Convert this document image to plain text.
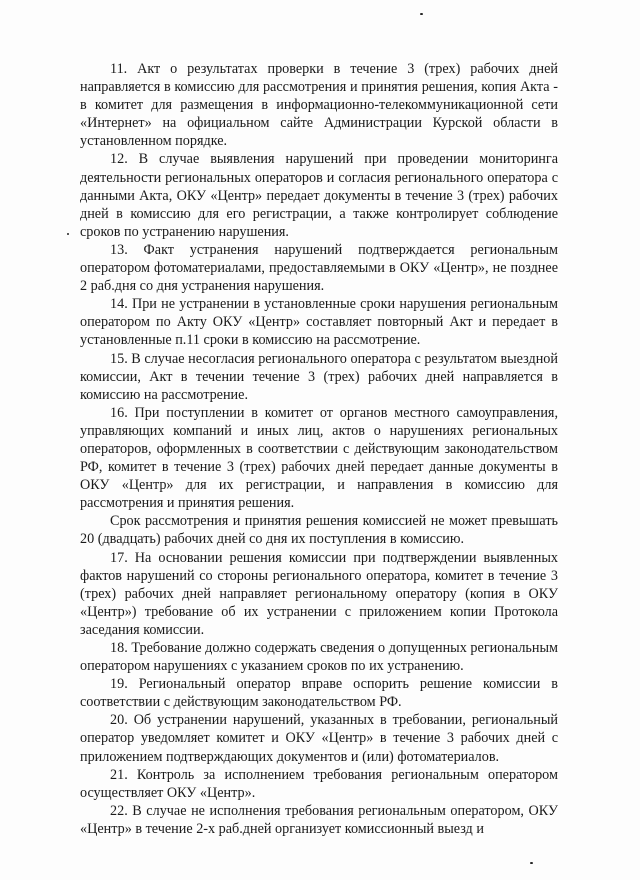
11. Акт о результатах проверки в течение 3 (трех) рабочих дней направляется в комиссию для рассмотрения и принятия решения, копия Акта - в комитет для размещения в информационно-телекоммуникационной сети «Интернет» на официальном сайте Администрации Курской области в установленном порядке.

12. В случае выявления нарушений при проведении мониторинга деятельности региональных операторов и согласия регионального оператора с данными Акта, ОКУ «Центр» передает документы в течение 3 (трех) рабочих дней в комиссию для его регистрации, а также контролирует соблюдение сроков по устранению нарушения.

13. Факт устранения нарушений подтверждается региональным оператором фотоматериалами, предоставляемыми в ОКУ «Центр», не позднее 2 раб.дня со дня устранения нарушения.

14. При не устранении в установленные сроки нарушения региональным оператором по Акту ОКУ «Центр» составляет повторный Акт и передает в установленные п.11 сроки в комиссию на рассмотрение.

15. В случае несогласия регионального оператора с результатом выездной комиссии, Акт в течении течение 3 (трех) рабочих дней направляется в комиссию на рассмотрение.

16. При поступлении в комитет от органов местного самоуправления, управляющих компаний и иных лиц, актов о нарушениях региональных операторов, оформленных в соответствии с действующим законодательством РФ, комитет в течение 3 (трех) рабочих дней передает данные документы в ОКУ «Центр» для их регистрации, и направления в комиссию для рассмотрения и принятия решения.

Срок рассмотрения и принятия решения комиссией не может превышать 20 (двадцать) рабочих дней со дня их поступления в комиссию.

17. На основании решения комиссии при подтверждении выявленных фактов нарушений со стороны регионального оператора, комитет в течение 3 (трех) рабочих дней направляет региональному оператору (копия в ОКУ «Центр») требование об их устранении с приложением копии Протокола заседания комиссии.

18. Требование должно содержать сведения о допущенных региональным оператором нарушениях с указанием сроков по их устранению.

19. Региональный оператор вправе оспорить решение комиссии в соответствии с действующим законодательством РФ.

20. Об устранении нарушений, указанных в требовании, региональный оператор уведомляет комитет и ОКУ «Центр» в течение 3 рабочих дней с приложением подтверждающих документов и (или) фотоматериалов.

21. Контроль за исполнением требования региональным оператором осуществляет ОКУ «Центр».

22. В случае не исполнения требования региональным оператором, ОКУ «Центр» в течение 2-х раб.дней организует комиссионный выезд и
